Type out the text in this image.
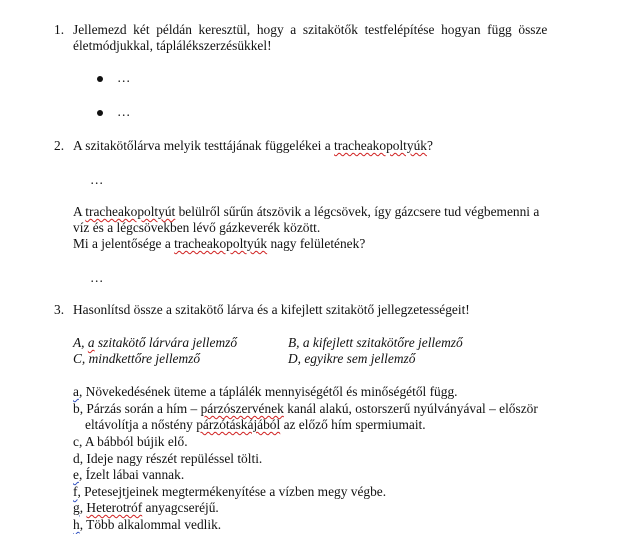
1. Jellemezd két példán keresztül, hogy a szitakötők testfelépítése hogyan függ össze
életmódjukkal, táplálékszerzésükkel!
…
…
2. A szitakötőlárva melyik testtájának függelékei a tracheakopoltyúk?
…
A tracheakopoltyút belülről sűrűn átszövik a légcsövek, így gázcsere tud végbemenni a
víz és a légcsövekben lévő gázkeverék között.
Mi a jelentősége a tracheakopoltyúk nagy felületének?
…
3. Hasonlítsd össze a szitakötő lárva és a kifejlett szitakötő jellegzetességeit!
A, a szitakötő lárvára jellemző	B, a kifejlett szitakötőre jellemző
C, mindkettőre jellemző	D, egyikre sem jellemző
a, Növekedésének üteme a táplálék mennyiségétől és minőségétől függ.
b, Párzás során a hím – párzószervének kanál alakú, ostorszerű nyúlványával – először
eltávolítja a nőstény párzótáskájából az előző hím spermiumait.
c, A bábból bújik elő.
d, Ideje nagy részét repüléssel tölti.
e, Ízelt lábai vannak.
f, Petesejtjeinek megtermékenyítése a vízben megy végbe.
g, Heterotróf anyagcseréjű.
h, Több alkalommal vedlik.
